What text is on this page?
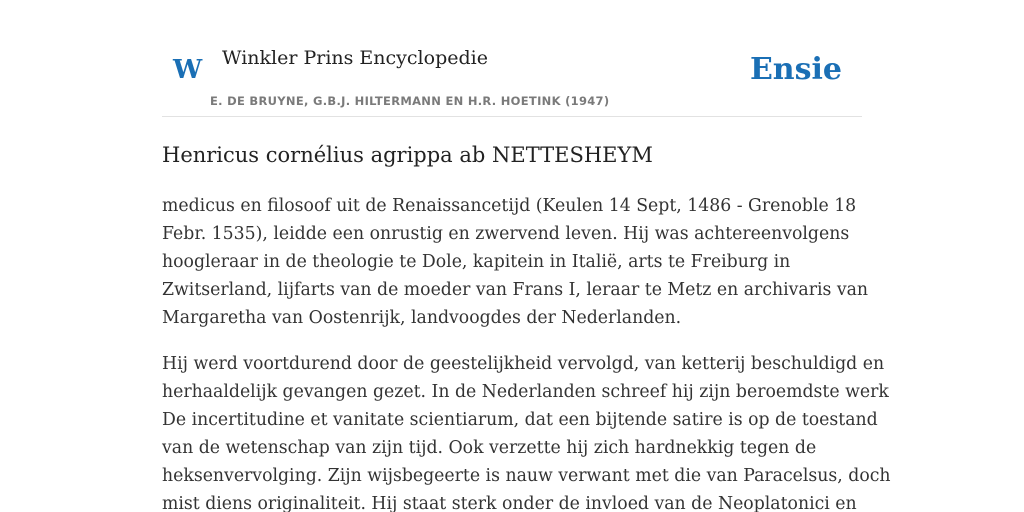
W Winkler Prins Encyclopedie
E. DE BRUYNE, G.B.J. HILTERMANN EN H.R. HOETINK (1947)
Ensie
Henricus cornélius agrippa ab NETTESHEYM

medicus en filosoof uit de Renaissancetijd (Keulen 14 Sept, 1486 - Grenoble 18
Febr. 1535), leidde een onrustig en zwervend leven. Hij was achtereenvolgens
hoogleraar in de theologie te Dole, kapitein in Italië, arts te Freiburg in
Zwitserland, lijfarts van de moeder van Frans I, leraar te Metz en archivaris van
Margaretha van Oostenrijk, landvoogdes der Nederlanden.

Hij werd voortdurend door de geestelijkheid vervolgd, van ketterij beschuldigd en
herhaaldelijk gevangen gezet. In de Nederlanden schreef hij zijn beroemdste werk
De incertitudine et vanitate scientiarum, dat een bijtende satire is op de toestand
van de wetenschap van zijn tijd. Ook verzette hij zich hardnekkig tegen de
heksenvervolging. Zijn wijsbegeerte is nauw verwant met die van Paracelsus, doch
mist diens originaliteit. Hij staat sterk onder de invloed van de Neoplatonici en
